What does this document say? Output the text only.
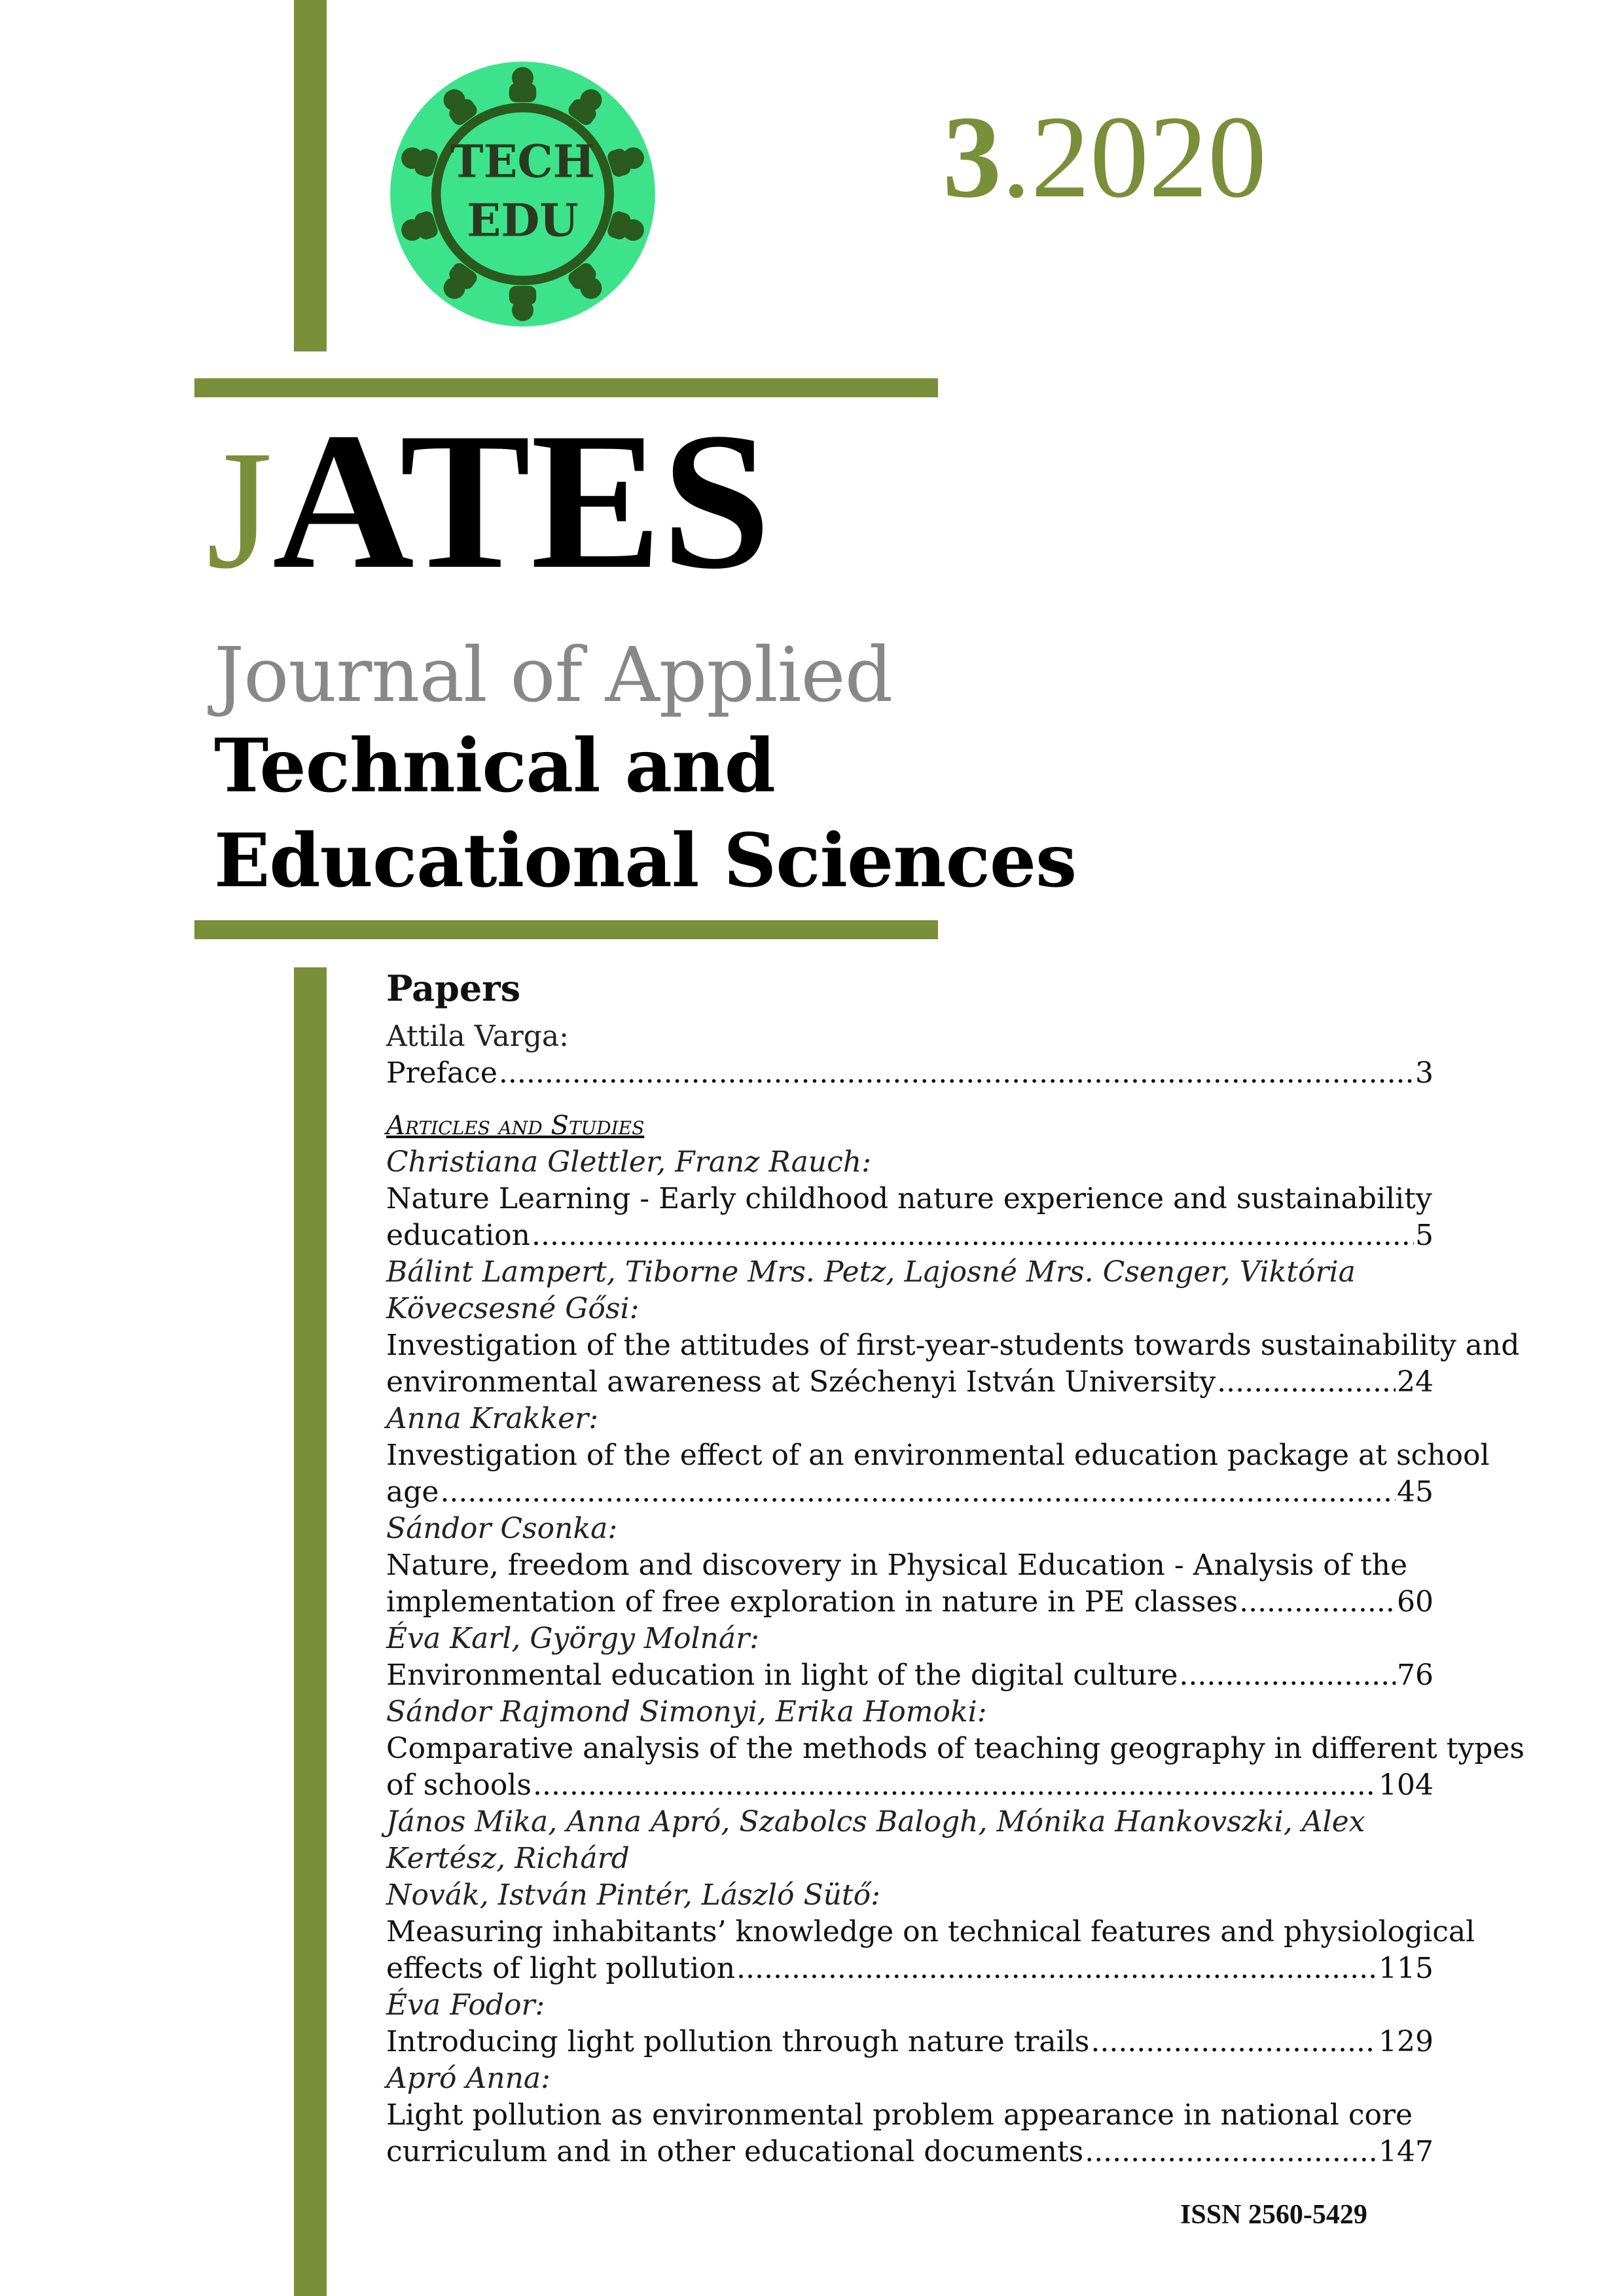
TECH
EDU	3.2020
JATES
Journal of Applied
Technical and
Educational Sciences
Papers
Attila Varga:
Preface .....	3
Articles and Studies
Christiana Glettler, Franz Rauch:
Nature Learning - Early childhood nature experience and sustainability
education .....	5
Bálint Lampert, Tiborne Mrs. Petz, Lajosné Mrs. Csenger, Viktória Kövecsesné Gősi:
Investigation of the attitudes of first-year-students towards sustainability and
environmental awareness at Széchenyi István University .....	24
Anna Krakker:
Investigation of the effect of an environmental education package at school
age .....	45
Sándor Csonka:
Nature, freedom and discovery in Physical Education - Analysis of the
implementation of free exploration in nature in PE classes .....	60
Éva Karl, György Molnár:
Environmental education in light of the digital culture .....	76
Sándor Rajmond Simonyi, Erika Homoki:
Comparative analysis of the methods of teaching geography in different types
of schools .....	104
János Mika, Anna Apró, Szabolcs Balogh, Mónika Hankovszki, Alex Kertész, Richárd
Novák, István Pintér, László Sütő:
Measuring inhabitants’ knowledge on technical features and physiological
effects of light pollution .....	115
Éva Fodor:
Introducing light pollution through nature trails .....	129
Apró Anna:
Light pollution as environmental problem appearance in national core
curriculum and in other educational documents .....	147
ISSN 2560-5429
